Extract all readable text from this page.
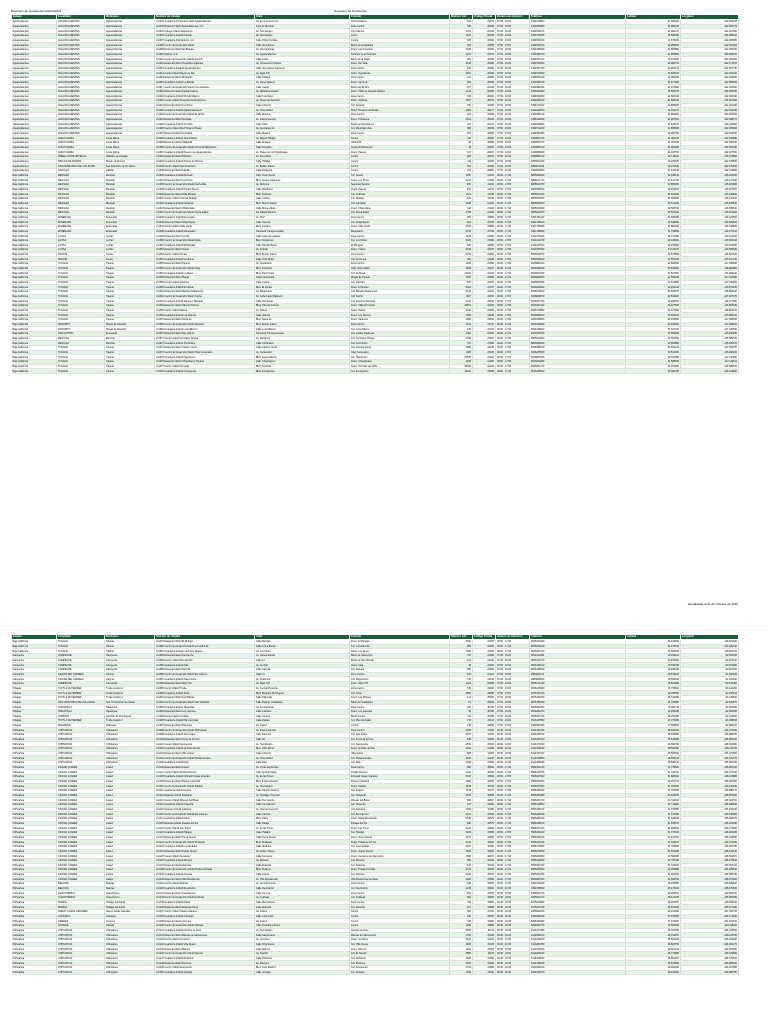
Directorio de Guarderías (2015/2016)	Directorio de Guarderías
Estado	Localidad	Municipio	Nombre de Unidad	Calle	Colonia	Número Ext.	Código Postal	Horario de Atención	Teléfono	Latitud	Longitud
Aguascalientes	AGUASCALIENTES	Aguascalientes	U-0001 Guardería Ordinaria U-0001 Aguascalientes	Av. de la Convención	Circunvalación	520	20270	07:00 - 16:00	4499176800	21.882480	-102.294128
Aguascalientes	AGUASCALIENTES	Aguascalientes	U-0002 Estancia Infantil Aguascalientes, A.C.	Juan de Montoro	Zona Centro	318	20000	07:00 - 16:00	4499150060	21.880160	-102.290779
Aguascalientes	AGUASCALIENTES	Aguascalientes	U-0003 Colegio Infantil Esperanza	Av. Tecnológico	Ojo Caliente	1101	20196	07:00 - 16:00	4499704670	21.882170	-102.267520
Aguascalientes	AGUASCALIENTES	Aguascalientes	U-0004 Guardería Infantil Popular	Av. Tecnológico	La Fe	1123	20190	07:00 - 16:00	4499720876	21.883520	-102.265910
Aguascalientes	AGUASCALIENTES	Aguascalientes	U-0007 Guardería Participativa, A.C.	Calle Prisco Iturbide	Centro	408	20000	07:00 - 16:00	4499150160	21.879450	-102.296580
Aguascalientes	AGUASCALIENTES	Aguascalientes	U-0008 Centro de Desarrollo Infantil	Calle del Carmen	Barrio de Guadalupe	303	20059	07:00 - 16:00	4499180010	21.885920	-102.301260
Aguascalientes	AGUASCALIENTES	Aguascalientes	U-0009 Estancia Infantil del Bosque	Av. Las Américas	Fracc. Las Américas	1405	20230	07:00 - 16:00	4499135020	21.863580	-102.295750
Aguascalientes	AGUASCALIENTES	Aguascalientes	U-0010 Pasitos, A.C.	Av. Aguascalientes	Jardines de la Asunción	1101	20270	07:00 - 16:00	4499183760	21.855960	-102.283370
Aguascalientes	AGUASCALIENTES	Aguascalientes	U-0011 Centro de Desarrollo Infantil Arcoíris	Calle Colón	Barrio de la Salud	209	20240	07:00 - 16:00	4499157310	21.876230	-102.300460
Aguascalientes	AGUASCALIENTES	Aguascalientes	U-0012 Estancia Infantil Pequeños Gigantes	Av. Convención Oriente	Fracc. Del Valle	1418	20080	07:00 - 16:00	4499706040	21.886740	-102.271870
Aguascalientes	AGUASCALIENTES	Aguascalientes	U-0013 Guardería Integral Aguascalientes	Calle Venustiano Carranza	Zona Centro	515	20000	07:00 - 16:00	4499157700	21.881370	-102.297730
Aguascalientes	AGUASCALIENTES	Aguascalientes	U-0014 Centro Infantil Rayito de Sol	Av. Siglo XXI	Fracc. Ojocaliente	2301	20190	07:00 - 16:00	4499719300	21.865610	-102.254120
Aguascalientes	AGUASCALIENTES	Aguascalientes	U-0015 Estancia Infantil Mi Mundo	Calle Hidalgo	Zona Centro	112	20000	07:00 - 16:00	4499153120	21.882300	-102.294870
Aguascalientes	AGUASCALIENTES	Aguascalientes	U-0016 Guardería Infantil La Ronda	Av. López Mateos	Fracc. San Luis	803	20250	07:00 - 16:00	4499164210	21.877050	-102.285920
Aguascalientes	AGUASCALIENTES	Aguascalientes	U-0017 Centro de Desarrollo Infantil Los Girasoles	Calle Juárez	Barrio del Encino	407	20240	07:00 - 16:00	4499181030	21.874660	-102.302590
Aguascalientes	AGUASCALIENTES	Aguascalientes	U-0018 Estancia Infantil Caritas Felices	Av. Mahatma Gandhi	Fracc. Villas de Nuestra Señora	1211	20280	07:00 - 16:00	4499160340	21.853370	-102.305150
Aguascalientes	AGUASCALIENTES	Aguascalientes	U-0019 Guardería Infantil Mundo Mágico	Calle 5 de Mayo	Zona Centro	318	20000	07:00 - 16:00	4499152860	21.884160	-102.296040
Aguascalientes	AGUASCALIENTES	Aguascalientes	U-0020 Centro Infantil Pequeños Exploradores	Av. Héroe de Nacozari	Fracc. Jardines	1607	20270	07:00 - 16:00	4499185120	21.868940	-102.281660
Aguascalientes	AGUASCALIENTES	Aguascalientes	U-0021 Estancia Infantil Los Pinos	Calle Libertad	Col. Gremial	215	20030	07:00 - 16:00	4499171540	21.889810	-102.291330
Aguascalientes	AGUASCALIENTES	Aguascalientes	U-0022 Guardería Infantil Aguascalientes II	Av. Universidad	Fracc. Bosques del Prado	1003	20127	07:00 - 16:00	4499122870	21.912470	-102.311040
Aguascalientes	AGUASCALIENTES	Aguascalientes	U-0023 Centro de Desarrollo Infantil El Jardín	Calle Morelos	Zona Centro	224	20000	07:00 - 16:00	4499156140	21.881960	-102.295320
Aguascalientes	AGUASCALIENTES	Aguascalientes	U-0024 Estancia Infantil Sonrisas	Av. Independencia	Fracc. Primavera	2014	20120	07:00 - 16:00	4499144660	21.907320	-102.298770
Aguascalientes	AGUASCALIENTES	Aguascalientes	U-0025 Guardería Infantil del Valle	Calle Nieto	Barrio de San Marcos	127	20070	07:00 - 16:00	4499169850	21.878130	-102.303900
Aguascalientes	AGUASCALIENTES	Aguascalientes	U-0026 Centro Infantil Mis Primeros Pasos	Av. Ayuntamiento	Col. Municipio Libre	508	20199	07:00 - 16:00	4499712220	21.858480	-102.265400
Aguascalientes	AGUASCALIENTES	Aguascalientes	U-0027 Estancia Infantil La Casita	Calle Madero	Zona Centro	333	20000	07:00 - 16:00	4499154480	21.882790	-102.291150
Aguascalientes	JESUS MARIA	Jesús María	U-0028 Guardería Infantil Jesús María	Av. Miguel Hidalgo	Centro	110	20900	07:00 - 16:00	4499651230	21.961120	-102.343980
Aguascalientes	JESUS MARIA	Jesús María	U-0029 Estancia Infantil Valladolid	Calle Morelos	Valladolid	52	20908	07:00 - 16:00	4499650780	21.957840	-102.336210
Aguascalientes	JESUS MARIA	Jesús María	U-0030 Centro de Desarrollo Infantil Corral de Barrancos	Calle Principal	Corral de Barrancos	15	20920	07:00 - 16:00	4499655310	21.982460	-102.351090
Aguascalientes	JESUS MARIA	Jesús María	U-0031 Guardería Infantil Paseos de Aguascalientes	Av. Paseo de los Chicahuales	Fracc. Paseos	407	20907	07:00 - 16:00	4499658840	21.947700	-102.327530
Aguascalientes	PABELLON DE ARTEAGA	Pabellón de Arteaga	U-0032 Estancia Infantil Pabellón	Av. Ferrocarril	Centro	205	20670	07:00 - 16:00	4659582210	22.149210	-102.276650
Aguascalientes	RINCON DE ROMOS	Rincón de Romos	U-0033 Guardería Infantil Rincón de Romos	Calle Hidalgo	Centro	118	20400	07:00 - 16:00	4659510430	22.232870	-102.319560
Aguascalientes	SAN FRANCISCO DE LOS ROMO	San Francisco de los Romo	U-0034 Centro Infantil San Francisco	Av. Benito Juárez	Centro	301	20300	07:00 - 16:00	4659671190	22.074540	-102.270250
Aguascalientes	CALVILLO	Calvillo	U-0035 Estancia Infantil Calvillo	Calle Zaragoza	Centro	214	20800	07:00 - 16:00	4959562860	21.847190	-102.718980
Baja California	MEXICALI	Mexicali	U-0036 Guardería Infantil Mexicali	Calz. Justo Sierra	Col. Nueva	1450	21100	06:00 - 17:00	6865546020	32.638130	-115.463220
Baja California	MEXICALI	Mexicali	U-0037 Estancia Infantil Los Pinos	Blvd. Lázaro Cárdenas	Fracc. Los Pinos	2210	21399	06:00 - 17:00	6865617740	32.612740	-115.417330
Baja California	MEXICALI	Mexicali	U-0038 Centro de Desarrollo Infantil Cachanilla	Av. Reforma	Segunda Sección	830	21100	06:00 - 17:00	6865524780	32.650450	-115.481680
Baja California	MEXICALI	Mexicali	U-0039 Guardería Infantil Pueblo Nuevo	Calle Río Bravo	Pueblo Nuevo	515	21120	06:00 - 17:00	6865538190	32.632310	-115.497870
Baja California	MEXICALI	Mexicali	U-0040 Estancia Infantil Valle Dorado	Blvd. Anáhuac	Col. Anáhuac	1121	21150	06:00 - 17:00	6865671330	32.624810	-115.446690
Baja California	MEXICALI	Mexicali	U-0041 Centro Infantil Colonia Hidalgo	Calle Colima	Col. Hidalgo	319	21160	06:00 - 17:00	6865543200	32.639460	-115.474120
Baja California	MEXICALI	Mexicali	U-0042 Guardería Infantil Industrial	Blvd. Benito Juárez	Col. Industrial	2030	21010	06:00 - 17:00	6865669870	32.617910	-115.428530
Baja California	MEXICALI	Mexicali	U-0043 Estancia Infantil Villafontana	Calle Monte Albán	Fracc. Villafontana	418	21180	06:00 - 17:00	6865616460	32.586760	-115.399540
Baja California	MEXICALI	Mexicali	U-0044 Centro de Desarrollo Infantil Santa Isabel	Av. Independencia	Col. Santa Isabel	1705	21230	06:00 - 17:00	6865642870	32.597410	-115.454020
Baja California	ENSENADA	Ensenada	U-0045 Guardería Infantil Ensenada	Av. Ruiz	Zona Centro	380	22800	06:00 - 17:00	6461781240	31.865380	-116.620550
Baja California	ENSENADA	Ensenada	U-0046 Estancia Infantil Chapultepec	Calle Novena	Col. Chapultepec	821	22785	06:00 - 17:00	6461766610	31.844860	-116.603490
Baja California	ENSENADA	Ensenada	U-0047 Centro Infantil Valle Verde	Blvd. Costero	Fracc. Valle Verde	1524	22880	06:00 - 17:00	6461728450	31.881920	-116.633620
Baja California	ENSENADA	Ensenada	U-0048 Guardería Infantil Maneadero	Carretera Transpeninsular	Maneadero	3710	22790	06:00 - 17:00	6461748830	31.749860	-116.571210
Baja California	LA PAZ	La Paz	U-0049 Estancia Infantil La Paz	Calle Isabel la Católica	Zona Centro	1415	23000	06:00 - 17:00	6121228330	24.157960	-110.312480
Baja California	LA PAZ	La Paz	U-0050 Centro de Desarrollo Infantil Perla	Blvd. Forjadores	Col. Los Olivos	3120	23040	06:00 - 17:00	6121214740	24.130640	-110.294410
Baja California	LA PAZ	La Paz	U-0051 Guardería Infantil El Manglito	Calle Nicolás Bravo	El Manglito	520	23060	06:00 - 17:00	6121237810	24.150880	-110.324350
Baja California	LA PAZ	La Paz	U-0052 Estancia Infantil Indeco	Av. Colosio	Fracc. Indeco	2218	23070	06:00 - 17:00	6121257920	24.113470	-110.305630
Baja California	TECATE	Tecate	U-0053 Centro Infantil Tecate	Blvd. Benito Juárez	Zona Centro	1215	21400	06:00 - 17:00	6655542670	32.573890	-116.627420
Baja California	TECATE	Tecate	U-0054 Guardería Infantil Cuchumá	Calle Ortiz Rubio	Col. Cuchumá	306	21430	06:00 - 17:00	6655548100	32.567120	-116.614790
Baja California	TIJUANA	Tijuana	U-0055 Estancia Infantil Tijuana	Av. Revolución	Zona Centro	1120	22000	06:00 - 17:00	6646852410	32.528360	-117.036840
Baja California	TIJUANA	Tijuana	U-0056 Centro de Desarrollo Infantil Otay	Blvd. Industrial	Otay Universidad	2530	22427	06:00 - 17:00	6646234910	32.534560	-116.964580
Baja California	TIJUANA	Tijuana	U-0057 Guardería Infantil La Mesa	Blvd. Díaz Ordaz	Col. La Mesa	14410	22105	06:00 - 17:00	6646810730	32.507960	-116.993190
Baja California	TIJUANA	Tijuana	U-0058 Estancia Infantil Playas	Paseo Ensenada	Playas de Tijuana	1630	22500	06:00 - 17:00	6646804550	32.526240	-117.118980
Baja California	TIJUANA	Tijuana	U-0059 Centro Infantil Libertad	Calle Cuarta	Col. Libertad	870	22400	06:00 - 17:00	6646823390	32.541890	-117.010260
Baja California	TIJUANA	Tijuana	U-0060 Guardería Infantil El Florido	Blvd. El Florido	Fracc. El Florido	3120	22237	06:00 - 17:00	6646260620	32.461310	-116.872430
Baja California	TIJUANA	Tijuana	U-0061 Estancia Infantil Mariano Matamoros	Av. Matamoros	Col. Mariano Matamoros	5210	22234	06:00 - 17:00	6646274810	32.469070	-116.894910
Baja California	TIJUANA	Tijuana	U-0062 Centro de Desarrollo Infantil Cacho	Av. Gobernador Balarezo	Col. Cacho	1507	22150	06:00 - 17:00	6646843670	32.519640	-117.027070
Baja California	TIJUANA	Tijuana	U-0063 Guardería Infantil Sánchez Taboada	Calle Río Nazas	Col. Sánchez Taboada	2218	22180	06:00 - 17:00	6646257760	32.495350	-116.977030
Baja California	TIJUANA	Tijuana	U-0064 Estancia Infantil Villa del Campo	Blvd. Villa del Campo	Fracc. Villa del Campo	10870	22254	06:00 - 17:00	6646297440	32.427510	-116.853330
Baja California	TIJUANA	Tijuana	U-0065 Centro Infantil Natura	Av. Natura	Fracc. Natura	1140	22250	06:00 - 17:00	6646310580	32.437990	-116.864210
Baja California	TIJUANA	Tijuana	U-0066 Guardería Infantil Los Álamos	Calle Álamos	Fracc. Los Álamos	3305	22110	06:00 - 17:00	6646859150	32.502460	-116.986440
Baja California	TIJUANA	Tijuana	U-0067 Estancia Infantil Santa Fe	Blvd. Santa Fe	Fracc. Santa Fe	1650	22640	06:00 - 17:00	6646339820	32.453880	-117.086630
Baja California	ROSARITO	Playas de Rosarito	U-0068 Centro de Desarrollo Infantil Rosarito	Blvd. Benito Juárez	Zona Centro	2270	22710	06:00 - 17:00	6616120340	32.362190	-117.058210
Baja California	ROSARITO	Playas de Rosarito	U-0069 Guardería Infantil Lucio Blanco	Calle Lucio Blanco	Col. Lucio Blanco	415	22703	06:00 - 17:00	6616126810	32.347740	-117.046590
Baja California	SAN QUINTIN	Ensenada	U-0070 Estancia Infantil San Quintín	Carretera Transpeninsular	Col. Lázaro Cárdenas	1280	22930	06:00 - 17:00	6161662330	30.559380	-115.942250
Baja California	MEXICALI	Mexicali	U-0071 Centro Infantil González Ortega	Av. Zaragoza	Col. González Ortega	1540	21397	06:00 - 17:00	6865612660	32.594360	-115.389720
Baja California	MEXICALI	Mexicali	U-0072 Guardería Infantil Xochimilco	Calle Xochimilco	Col. Xochimilco	725	21380	06:00 - 17:00	6865680150	32.604980	-115.420470
Baja California	TIJUANA	Tijuana	U-0073 Estancia Infantil Camino Verde	Calle Camino Verde	Col. Camino Verde	2860	22190	06:00 - 17:00	6646258470	32.491240	-117.006270
Baja California	TIJUANA	Tijuana	U-0074 Centro de Desarrollo Infantil Otay Centenario	Av. Centenario	Otay Centenario	1930	22425	06:00 - 17:00	6646235560	32.541020	-116.948210
Baja California	TIJUANA	Tijuana	U-0075 Guardería Infantil Hipódromo	Blvd. Agua Caliente	Col. Hipódromo	10535	22020	06:00 - 17:00	6646863180	32.511980	-117.010860
Baja California	TIJUANA	Tijuana	U-0076 Estancia Infantil Chapultepec Tijuana	Calle Chapultepec	Fracc. Chapultepec	1405	22020	06:00 - 17:00	6646814260	32.508430	-117.019110
Baja California	TIJUANA	Tijuana	U-0077 Centro Infantil Terrazas	Blvd. Terrazas	Fracc. Terrazas del Valle	18220	22246	06:00 - 17:00	6646301740	32.451280	-116.835610
Baja California	TIJUANA	Tijuana	U-0078 Guardería Infantil Insurgentes	Blvd. Insurgentes	Col. Insurgentes	16120	22225	06:00 - 17:00	6646228510	32.482720	-116.914820
Actualizado al 31 de Octubre de 2016
Estado	Localidad	Municipio	Nombre de Unidad	Calle	Colonia	Número Ext.	Código Postal	Horario de Atención	Teléfono	Latitud	Longitud
Baja California	TIJUANA	Tijuana	U-0079 Estancia Infantil El Refugio	Calle Refugio	Fracc. El Refugio	3450	22253	06:00 - 17:00	6646314390	32.432460	-116.871320
Baja California	TIJUANA	Tijuana	U-0080 Centro de Desarrollo Infantil Loma Bonita	Calle Loma Bonita	Col. Loma Bonita	905	22226	06:00 - 17:00	6646234120	32.476610	-116.929740
Baja California	TIJUANA	Tijuana	U-0081 Guardería Infantil Los Pinos Tijuana	Av. Los Pinos	Fracc. Los Pinos	7320	22206	06:00 - 17:00	6646297310	32.488390	-116.951720
Campeche	CAMPECHE	Campeche	U-0082 Estancia Infantil Campeche	Av. Gobernadores	Barrio de Santa Ana	117	24050	07:00 - 16:00	9818114280	19.844410	-90.525480
Campeche	CAMPECHE	Campeche	U-0083 Centro Infantil San Román	Calle 10	Barrio de San Román	212	24040	07:00 - 16:00	9818163370	19.839560	-90.543210
Campeche	CAMPECHE	Campeche	U-0084 Guardería Infantil Kalá	Av. Central	Fracc. Kalá	48	24085	07:00 - 16:00	9818134610	19.815730	-90.531960
Campeche	CAMPECHE	Campeche	U-0085 Estancia Infantil Samulá	Calle Samulá	Col. Samulá	305	24090	07:00 - 16:00	9818125840	19.832180	-90.507330
Campeche	CIUDAD DEL CARMEN	Carmen	U-0086 Centro de Desarrollo Infantil del Carmen	Calle 31	Zona Centro	120	24100	07:00 - 16:00	9383821170	18.644220	-91.826910
Campeche	CIUDAD DEL CARMEN	Carmen	U-0087 Guardería Infantil Playa Norte	Av. Periférica	Col. Playa Norte	710	24115	07:00 - 16:00	9383848530	18.656530	-91.813040
Campeche	CAMPECHE	Campeche	U-0088 Estancia Infantil Siglo XXI	Av. Siglo XXI	Fracc. Siglo XXI	1402	24088	07:00 - 16:00	9818171230	19.822960	-90.513380
Chiapas	TUXTLA GUTIERREZ	Tuxtla Gutiérrez	U-0089 Centro Infantil Tuxtla	Av. Central Poniente	Zona Centro	548	29000	07:00 - 16:00	9616125480	16.753620	-93.122250
Chiapas	TUXTLA GUTIERREZ	Tuxtla Gutiérrez	U-0090 Guardería Infantil Terán	Blvd. Belisario Domínguez	Col. Terán	2860	29050	07:00 - 16:00	9616151290	16.759850	-93.155410
Chiapas	TUXTLA GUTIERREZ	Tuxtla Gutiérrez	U-0091 Estancia Infantil Las Palmas	Calle Palmeras	Fracc. Las Palmas	412	29040	07:00 - 16:00	9616143760	16.743290	-93.139630
Chiapas	SAN CRISTOBAL DE LAS CASAS	San Cristóbal de las Casas	U-0092 Centro de Desarrollo Infantil San Cristóbal	Calle Real de Guadalupe	Barrio de Guadalupe	87	29230	07:00 - 16:00	9676781350	16.736850	-92.632870
Chiapas	TAPACHULA	Tapachula	U-0093 Guardería Infantil Tapachula	Av. Central Norte	Zona Centro	215	30700	07:00 - 16:00	9626261830	14.906710	-92.262590
Chiapas	TAPACHULA	Tapachula	U-0094 Estancia Infantil Los Laureles	Calle Laureles	Fracc. Los Laureles	38	30780	07:00 - 16:00	9626284470	14.891430	-92.250390
Chiapas	COMITAN	Comitán de Domínguez	U-0095 Centro Infantil Comitán	Calle Central	Barrio Centro	110	30000	07:00 - 16:00	9636321740	16.251300	-92.134520
Chiapas	TUXTLA GUTIERREZ	Tuxtla Gutiérrez	U-0096 Guardería Infantil Plan de Ayala	Calle Zapata	Col. Plan de Ayala	715	29110	07:00 - 16:00	9616167850	16.770480	-93.098310
Chiapas	PALENQUE	Palenque	U-0097 Estancia Infantil Palenque	Av. Juárez	Centro	130	29960	07:00 - 16:00	9163451280	17.509830	-91.982410
Chihuahua	CHIHUAHUA	Chihuahua	U-0098 Centro de Desarrollo Infantil Chihuahua	Av. Independencia	Zona Centro	1205	31000	06:30 - 16:30	6144151320	28.635120	-106.077340
Chihuahua	CHIHUAHUA	Chihuahua	U-0099 Guardería Infantil San Felipe	Calle Ramírez	Col. San Felipe	2307	31203	06:30 - 16:30	6144136790	28.649980	-106.088750
Chihuahua	CHIHUAHUA	Chihuahua	U-0100 Estancia Infantil Cerro de la Cruz	Calle 46	Col. Cerro de la Cruz	815	31460	06:30 - 16:30	6144187210	28.619940	-106.064180
Chihuahua	CHIHUAHUA	Chihuahua	U-0101 Centro Infantil Campesina	Av. Tecnológico	Col. Campesina	4510	31300	06:30 - 16:30	6144171540	28.669730	-106.092380
Chihuahua	CHIHUAHUA	Chihuahua	U-0102 Guardería Infantil Quintas del Sol	Blvd. Ortiz Mena	Fracc. Quintas del Sol	3210	31250	06:30 - 16:30	6144106630	28.629350	-106.115720
Chihuahua	CHIHUAHUA	Chihuahua	U-0103 Estancia Infantil Villa Juárez	Calle Libertad	Villa Juárez	508	31064	06:30 - 16:30	6144197340	28.582810	-106.071560
Chihuahua	CHIHUAHUA	Chihuahua	U-0104 Centro de Desarrollo Infantil Panamericana	Av. Universidad	Col. Panamericana	2420	31210	06:30 - 16:30	6144143880	28.655410	-106.101370
Chihuahua	CHIHUAHUA	Chihuahua	U-0105 Guardería Infantil Dale	Calle Dale	Col. Dale	1818	31050	06:30 - 16:30	6144168090	28.628730	-106.091040
Chihuahua	CIUDAD JUAREZ	Juárez	U-0106 Estancia Infantil Juárez	Av. 16 de Septiembre	Zona Centro	850	32000	06:00 - 17:00	6566151240	31.739520	-106.487210
Chihuahua	CIUDAD JUAREZ	Juárez	U-0107 Centro Infantil Partido Romero	Calle Ignacio Mejía	Partido Romero	1220	32030	06:00 - 17:00	6566124780	31.728790	-106.467430
Chihuahua	CIUDAD JUAREZ	Juárez	U-0108 Guardería Infantil Infonavit Casas Grandes	Av. de las Torres	Infonavit Casas Grandes	3310	32600	06:00 - 17:00	6566327810	31.686340	-106.415980
Chihuahua	CIUDAD JUAREZ	Juárez	U-0109 Estancia Infantil Parque Industrial	Blvd. Independencia	Parque Industrial	7840	32599	06:00 - 17:00	6566252260	31.657470	-106.381690
Chihuahua	CIUDAD JUAREZ	Juárez	U-0110 Centro de Desarrollo Infantil Satélite	Av. Tecnológico	Fracc. Satélite	4520	32540	06:00 - 17:00	6566237950	31.703230	-106.430240
Chihuahua	CIUDAD JUAREZ	Juárez	U-0111 Guardería Infantil Anapra	Calle Rancho Anapra	Col. Anapra	1510	32107	06:00 - 17:00	6566165430	31.766330	-106.558170
Chihuahua	CIUDAD JUAREZ	Juárez	U-0112 Estancia Infantil Salvárcar	Av. Santiago Troncoso	Col. Salvárcar	2670	32580	06:00 - 17:00	6566264680	31.625190	-106.357520
Chihuahua	CIUDAD JUAREZ	Juárez	U-0113 Centro Infantil Riberas del Bravo	Calle Río Grande	Riberas del Bravo	930	32697	06:00 - 17:00	6566191720	31.611440	-106.322790
Chihuahua	CIUDAD JUAREZ	Juárez	U-0114 Guardería Infantil Chaveña	Calle Constitución	Col. Chaveña	417	32060	06:00 - 17:00	6566148550	31.742480	-106.498860
Chihuahua	CIUDAD JUAREZ	Juárez	U-0115 Estancia Infantil Galeana	Av. Vicente Guerrero	Col. Galeana	1306	32090	06:00 - 17:00	6566136470	31.733950	-106.478120
Chihuahua	CIUDAD JUAREZ	Juárez	U-0116 Centro de Desarrollo Infantil Del Carmen	Calle Carmen	Col. Del Carmen	2214	32520	06:00 - 17:00	6566228330	31.712080	-106.448960
Chihuahua	CIUDAD JUAREZ	Juárez	U-0117 Guardería Infantil Oasis	Blvd. Oasis	Fracc. Oasis Revolución	5630	32675	06:00 - 17:00	6566281540	31.645620	-106.398270
Chihuahua	CIUDAD JUAREZ	Juárez	U-0118 Estancia Infantil Parajes del Sur	Calle Paraje	Parajes del Sur	840	32575	06:00 - 17:00	6566325670	31.603570	-106.401030
Chihuahua	CIUDAD JUAREZ	Juárez	U-0119 Centro Infantil Las Torres	Av. de las Torres	Fracc. Las Torres	6120	32695	06:00 - 17:00	6566337210	31.669810	-106.373450
Chihuahua	CIUDAD JUAREZ	Juárez	U-0120 Guardería Infantil Hidalgo	Calle Hidalgo	Col. Hidalgo	1125	32000	06:00 - 17:00	6566154320	31.737130	-106.481220
Chihuahua	CIUDAD JUAREZ	Juárez	U-0121 Estancia Infantil Tierra Nueva	Calle Tierra Nueva	Fracc. Tierra Nueva	3470	32680	06:00 - 17:00	6566296190	31.631760	-106.338830
Chihuahua	CIUDAD JUAREZ	Juárez	U-0122 Centro de Desarrollo Infantil Praderas	Blvd. Praderas	Fracc. Praderas del Sur	4410	32690	06:00 - 17:00	6566314760	31.619210	-106.374180
Chihuahua	CIUDAD JUAREZ	Juárez	U-0123 Guardería Infantil Los Alcaldes	Calle Alcaldes	Col. Los Alcaldes	1907	32380	06:00 - 17:00	6566172930	31.708690	-106.462750
Chihuahua	CIUDAD JUAREZ	Juárez	U-0124 Estancia Infantil Juárez Nuevo	Av. Juárez Nuevo	Fracc. Juárez Nuevo	2840	32660	06:00 - 17:00	6566273810	31.651930	-106.412340
Chihuahua	CIUDAD JUAREZ	Juárez	U-0125 Centro Infantil Senderos	Calle Senderos	Fracc. Senderos de San Isidro	1630	32670	06:00 - 17:00	6566302560	31.599480	-106.361870
Chihuahua	CIUDAD JUAREZ	Juárez	U-0126 Guardería Infantil Morelos	Av. Morelos	Col. Morelos	950	32040	06:00 - 17:00	6566139280	31.725360	-106.475940
Chihuahua	CIUDAD JUAREZ	Juárez	U-0127 Estancia Infantil Altavista	Calle Altavista	Col. Altavista	612	32010	06:00 - 17:00	6566157740	31.744160	-106.507110
Chihuahua	CIUDAD JUAREZ	Juárez	U-0128 Centro de Desarrollo Infantil Pradera Dorada	Blvd. Pradera	Fracc. Pradera Dorada	2370	32618	06:00 - 17:00	6566238460	31.684980	-106.435610
Chihuahua	CIUDAD JUAREZ	Juárez	U-0129 Guardería Infantil Aztecas	Calle Azteca	Col. Aztecas	1408	32570	06:00 - 17:00	6566261350	31.662340	-106.388720
Chihuahua	CIUDAD JUAREZ	Juárez	U-0130 Estancia Infantil Villa Residencial	Av. Villa Residencial	Villa Residencial del Real	3180	32650	06:00 - 17:00	6566287940	31.628750	-106.347620
Chihuahua	DELICIAS	Delicias	U-0131 Centro Infantil Delicias	Av. Central Oriente	Zona Centro	408	33000	06:30 - 16:30	6394723180	28.189860	-105.469320
Chihuahua	DELICIAS	Delicias	U-0132 Guardería Infantil Revolución	Calle Revolución	Col. Revolución	1215	33020	06:30 - 16:30	6394746520	28.178440	-105.479630
Chihuahua	CUAUHTEMOC	Cuauhtémoc	U-0133 Estancia Infantil Cuauhtémoc	Calle Tercera	Zona Centro	304	31500	06:30 - 16:30	6255822740	28.405610	-106.866910
Chihuahua	CUAUHTEMOC	Cuauhtémoc	U-0134 Centro de Desarrollo Infantil Anáhuac	Av. Anáhuac	Col. Anáhuac	920	31530	06:30 - 16:30	6255814370	28.412130	-106.854350
Chihuahua	PARRAL	Hidalgo del Parral	U-0135 Guardería Infantil Parral	Calle Mercaderes	Zona Centro	115	33800	06:30 - 16:30	6275224860	26.932870	-105.666110
Chihuahua	PARRAL	Hidalgo del Parral	U-0136 Estancia Infantil Altavista Parral	Calle Altavista	Col. Altavista	421	33860	06:30 - 16:30	6275237180	26.941460	-105.677480
Chihuahua	NUEVO CASAS GRANDES	Nuevo Casas Grandes	U-0137 Centro Infantil Casas Grandes	Av. Juárez	Centro	502	31700	06:30 - 16:30	6366942150	30.416340	-107.912730
Chihuahua	CAMARGO	Camargo	U-0138 Guardería Infantil Camargo	Calle Comonfort	Centro	210	33700	06:30 - 16:30	6484624910	27.670550	-105.171940
Chihuahua	JIMENEZ	Jiménez	U-0139 Estancia Infantil Jiménez	Av. Juárez	Centro	318	33980	06:30 - 16:30	6295421860	27.130460	-104.912720
Chihuahua	OJINAGA	Ojinaga	U-0140 Centro de Desarrollo Infantil Ojinaga	Calle Trasviña y Retes	Centro	1205	32880	06:30 - 16:30	6264531470	29.563190	-104.418110
Chihuahua	CHIHUAHUA	Chihuahua	U-0141 Guardería Infantil Nombre de Dios	Av. Tecnológico	Nombre de Dios	8930	31110	06:30 - 16:30	6144217480	28.703160	-106.106530
Chihuahua	CHIHUAHUA	Chihuahua	U-0142 Estancia Infantil Riberas de Sacramento	Calle Sacramento	Riberas de Sacramento	1740	31184	06:30 - 16:30	6144296220	28.741870	-106.115760
Chihuahua	CHIHUAHUA	Chihuahua	U-0143 Centro Infantil Cumbres	Av. Cumbres	Fracc. Cumbres	5420	31216	06:30 - 16:30	6144312870	28.661420	-106.134290
Chihuahua	CHIHUAHUA	Chihuahua	U-0144 Guardería Infantil Villa Nueva	Calle Villa Nueva	Col. Villa Nueva	2630	31125	06:30 - 16:30	6144281350	28.684750	-106.081270
Chihuahua	CHIHUAHUA	Chihuahua	U-0145 Estancia Infantil Mármol	Calle Mármol	Fracc. Mármol	1210	31063	06:30 - 16:30	6144234960	28.601440	-106.052830
Chihuahua	CHIHUAHUA	Chihuahua	U-0146 Centro de Desarrollo Infantil Saucito	Av. Saucito	Col. El Saucito	3580	31110	06:30 - 16:30	6144265720	28.712580	-106.120980
Chihuahua	CHIHUAHUA	Chihuahua	U-0147 Guardería Infantil Robinson	Calle Robinson	Col. Robinson	1925	31090	06:30 - 16:30	6144189630	28.661970	-106.073540
Chihuahua	CHIHUAHUA	Chihuahua	U-0148 Estancia Infantil Pacheco	Av. Pacheco	Col. Pacheco	2215	31020	06:30 - 16:30	6144146180	28.615830	-106.085190
Chihuahua	CHIHUAHUA	Chihuahua	U-0149 Centro Infantil Aeropuerto	Blvd. Juan Pablo II	Col. Aeropuerto	6710	31384	06:30 - 16:30	6144259410	28.694030	-106.047680
Chihuahua	CHIHUAHUA	Chihuahua	U-0150 Guardería Infantil Granjas	Calle Granjas	Col. Granjas	1040	31160	06:30 - 16:30	6144133570	28.676420	-106.083760
